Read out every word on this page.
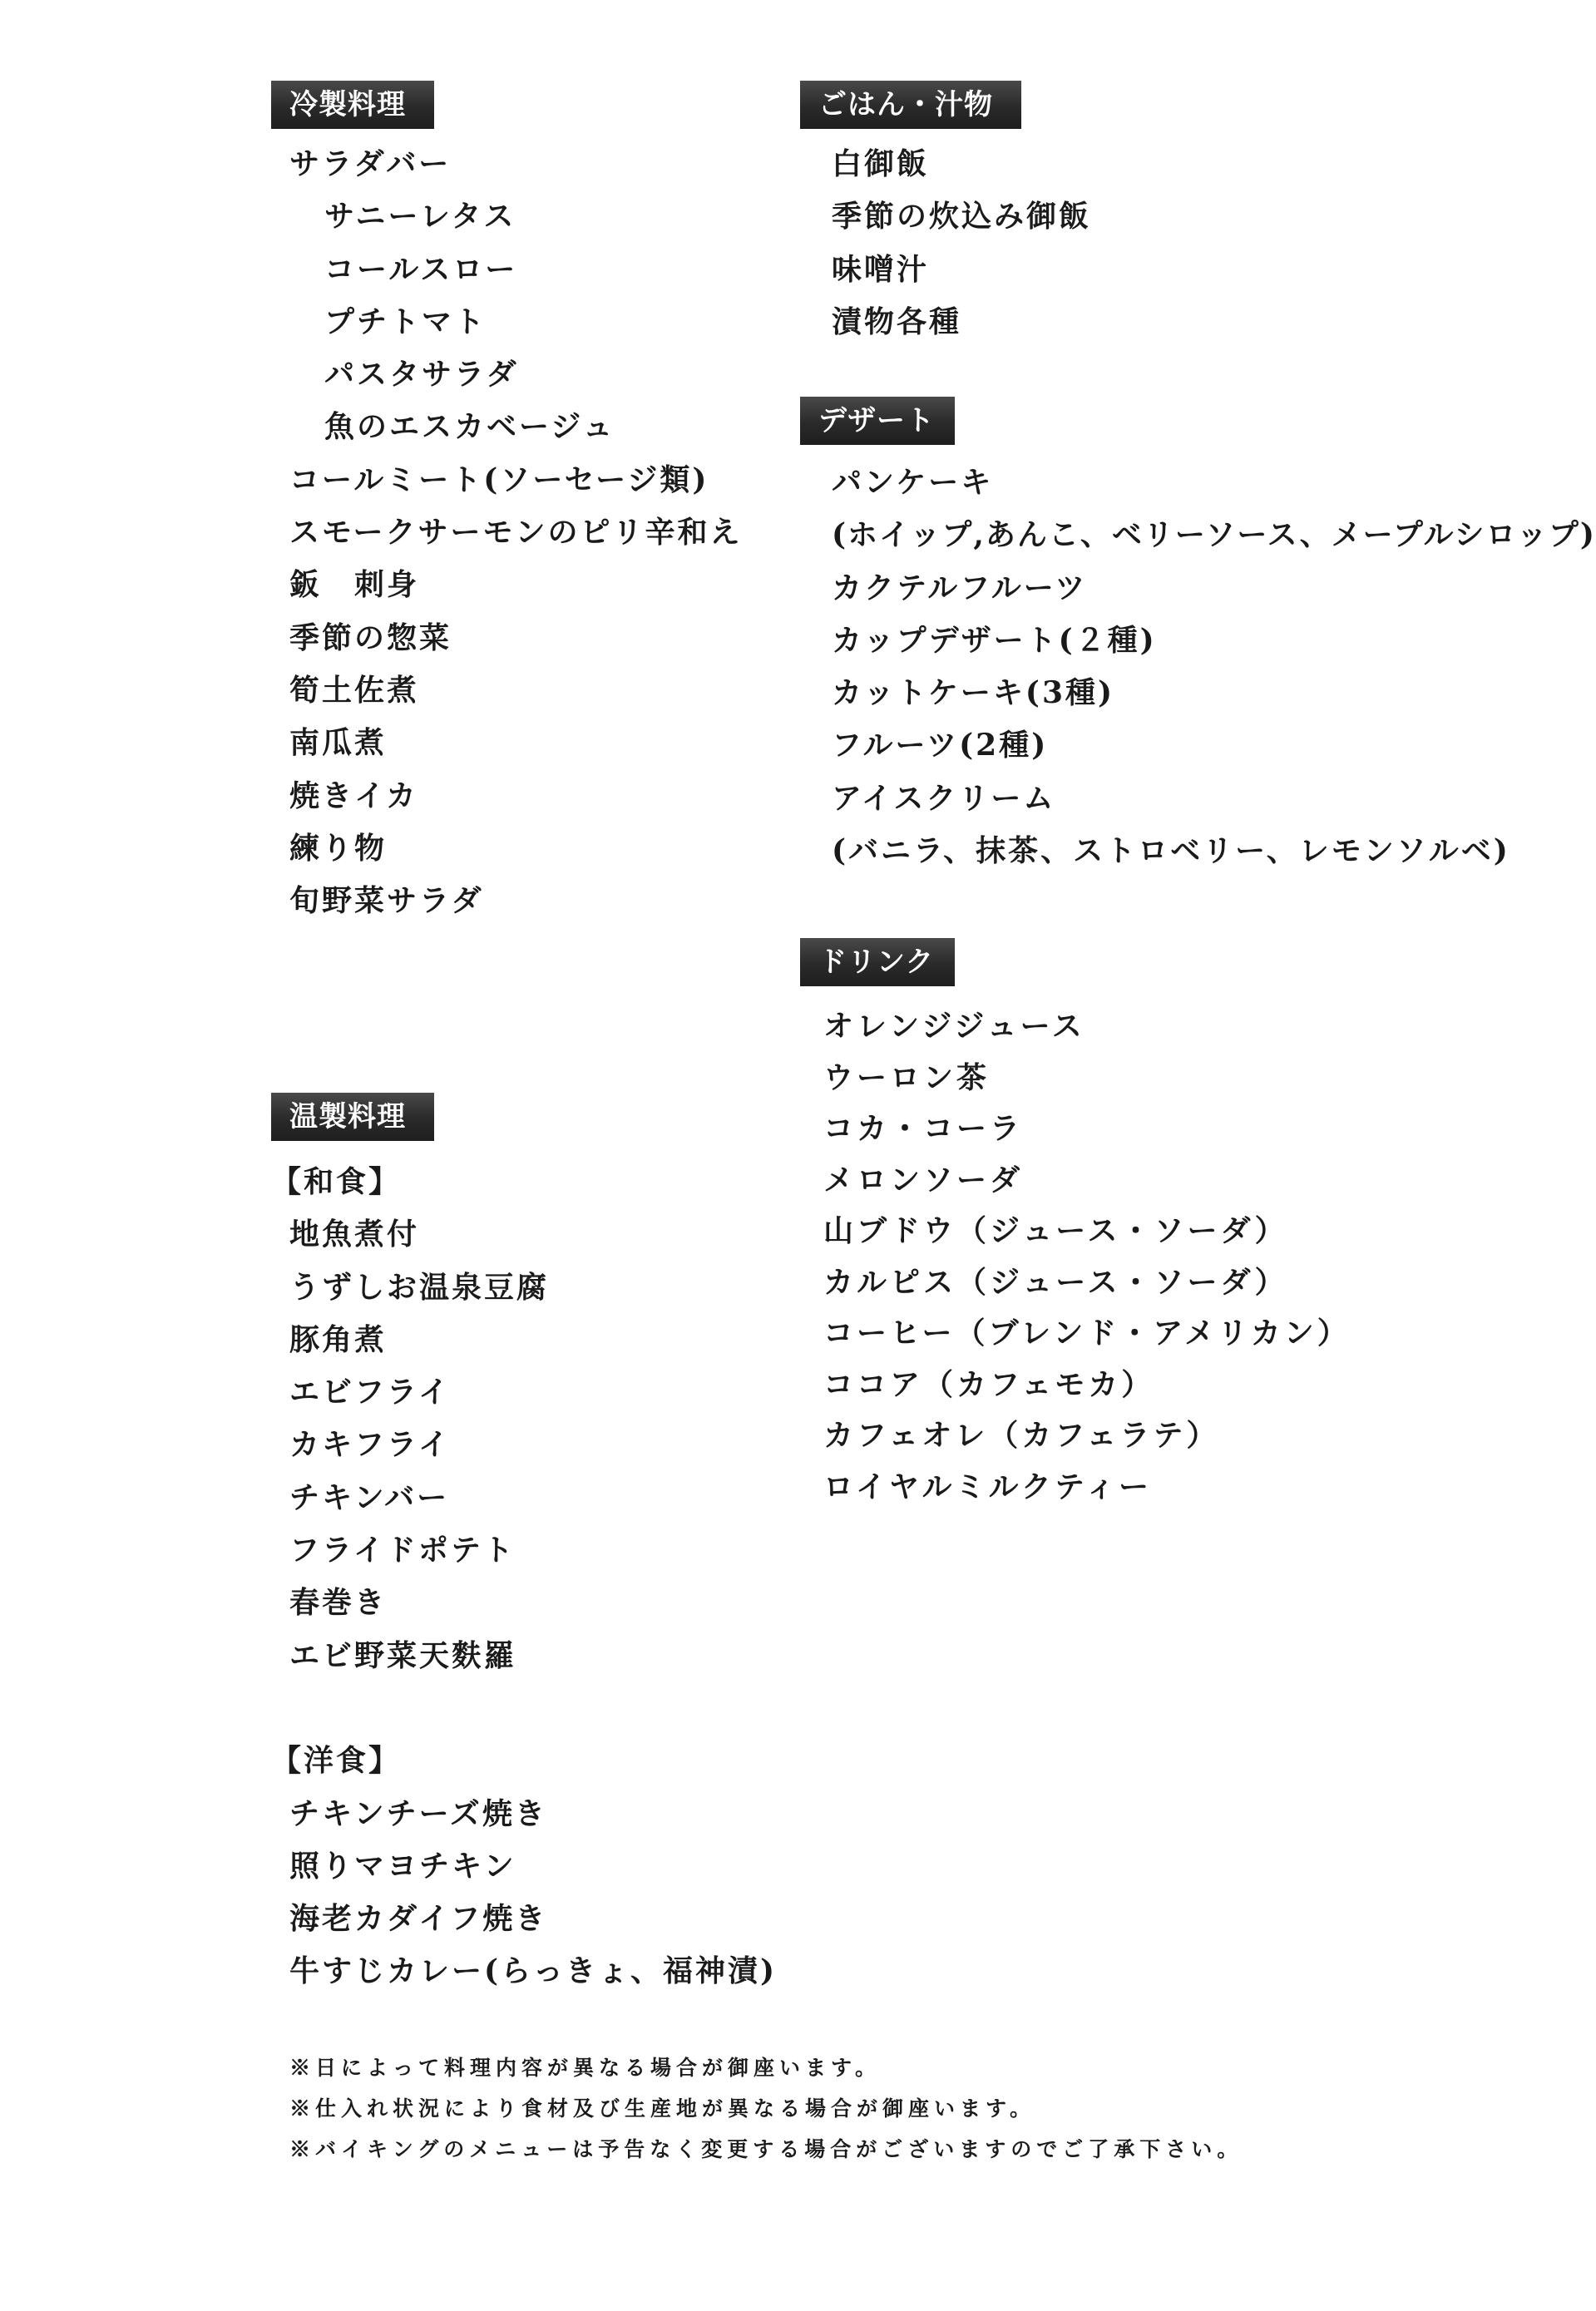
冷製料理
サラダバー
サニーレタス
コールスロー
プチトマト
パスタサラダ
魚のエスカベージュ
コールミート(ソーセージ類)
スモークサーモンのピリ辛和え
鈑　刺身
季節の惣菜
筍土佐煮
南瓜煮
焼きイカ
練り物
旬野菜サラダ
温製料理
【和食】
地魚煮付
うずしお温泉豆腐
豚角煮
エビフライ
カキフライ
チキンバー
フライドポテト
春巻き
エビ野菜天麩羅
【洋食】
チキンチーズ焼き
照りマヨチキン
海老カダイフ焼き
牛すじカレー(らっきょ、福神漬)
ごはん・汁物
白御飯
季節の炊込み御飯
味噌汁
漬物各種
デザート
パンケーキ
(ホイップ,あんこ、ベリーソース、メープルシロップ)
カクテルフルーツ
カップデザート(２種)
カットケーキ(3種)
フルーツ(2種)
アイスクリーム
(バニラ、抹茶、ストロベリー、レモンソルベ)
ドリンク
オレンジジュース
ウーロン茶
コカ・コーラ
メロンソーダ
山ブドウ（ジュース・ソーダ）
カルピス（ジュース・ソーダ）
コーヒー（ブレンド・アメリカン）
ココア（カフェモカ）
カフェオレ（カフェラテ）
ロイヤルミルクティー
※日によって料理内容が異なる場合が御座います。
※仕入れ状況により食材及び生産地が異なる場合が御座います。
※バイキングのメニューは予告なく変更する場合がございますのでご了承下さい。
